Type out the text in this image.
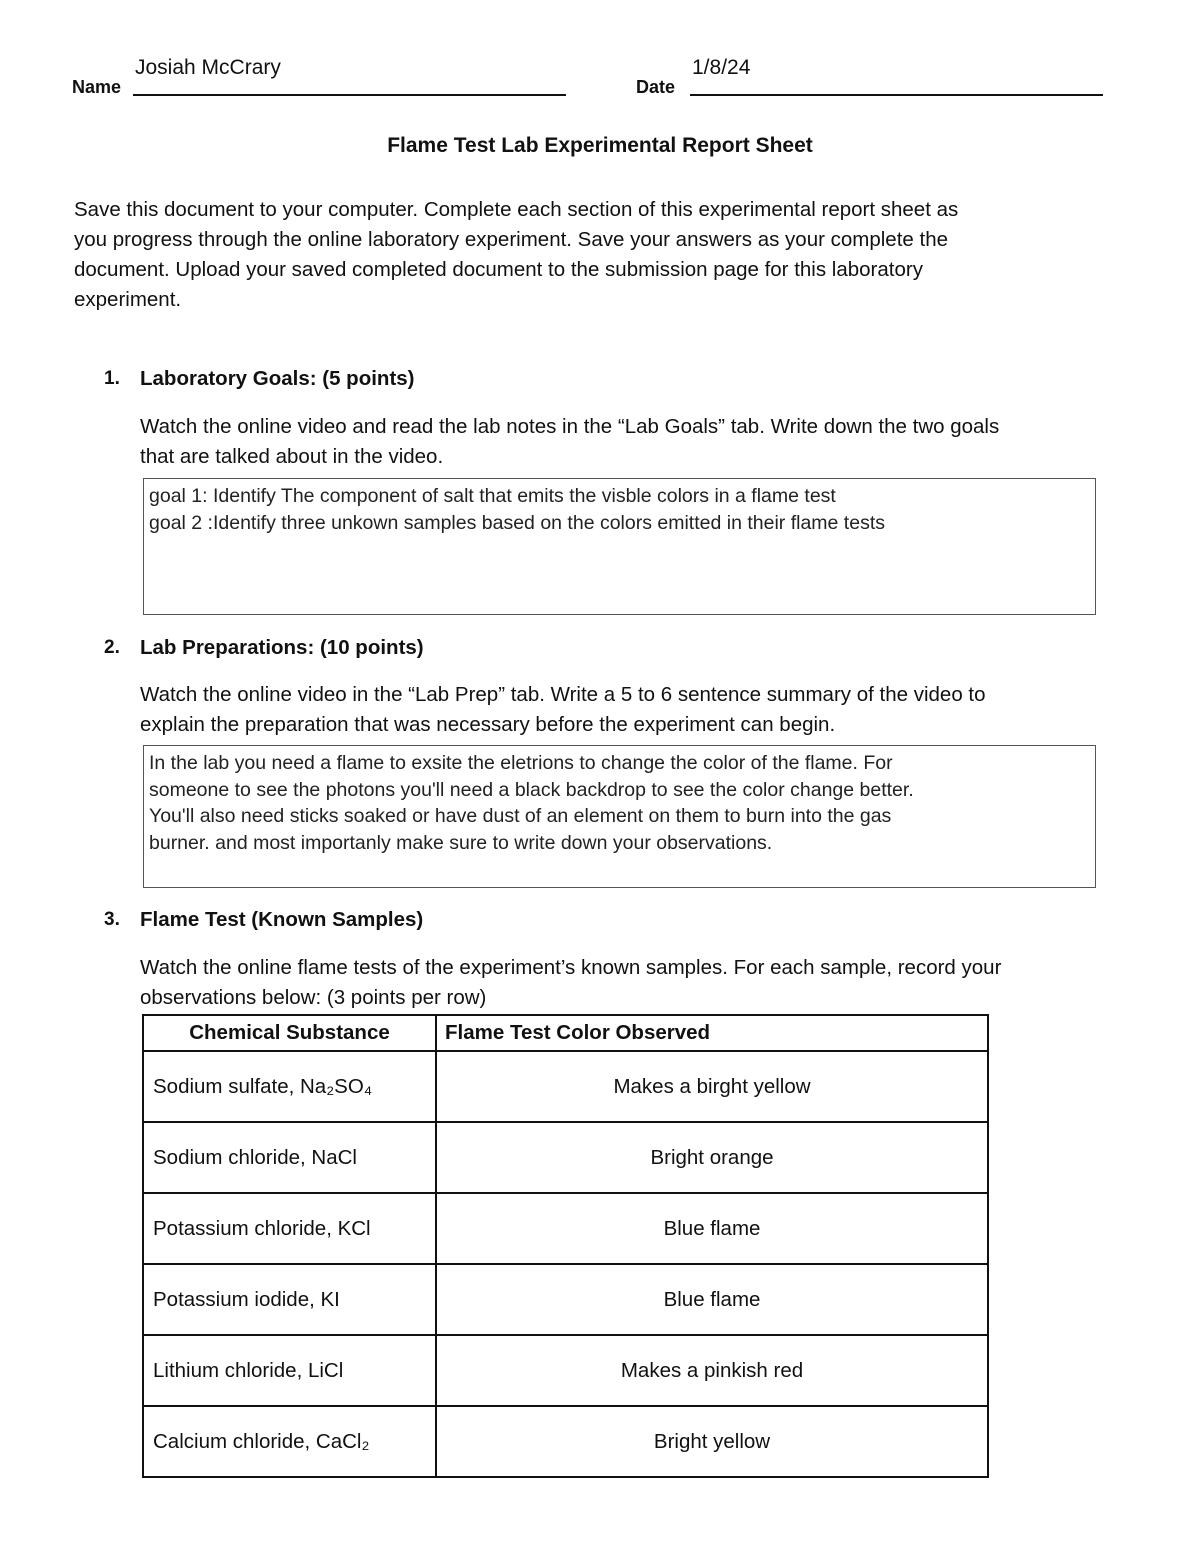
Name
Josiah McCrary
Date
1/8/24
Flame Test Lab Experimental Report Sheet
Save this document to your computer. Complete each section of this experimental report sheet as
you progress through the online laboratory experiment. Save your answers as your complete the
document. Upload your saved completed document to the submission page for this laboratory
experiment.
1. Laboratory Goals: (5 points)
Watch the online video and read the lab notes in the “Lab Goals” tab. Write down the two goals
that are talked about in the video.
goal 1: Identify The component of salt that emits the visble colors in a flame test
goal 2 :Identify three unkown samples based on the colors emitted in their flame tests
2. Lab Preparations: (10 points)
Watch the online video in the “Lab Prep” tab. Write a 5 to 6 sentence summary of the video to
explain the preparation that was necessary before the experiment can begin.
In the lab you need a flame to exsite the eletrions to change the color of the flame. For
someone to see the photons you'll need a black backdrop to see the color change better.
You'll also need sticks soaked or have dust of an element on them to burn into the gas
burner. and most importanly make sure to write down your observations.
3. Flame Test (Known Samples)
Watch the online flame tests of the experiment’s known samples. For each sample, record your
observations below: (3 points per row)
Chemical Substance	Flame Test Color Observed
Sodium sulfate, Na₂SO₄	Makes a birght yellow
Sodium chloride, NaCl	Bright orange
Potassium chloride, KCl	Blue flame
Potassium iodide, KI	Blue flame
Lithium chloride, LiCl	Makes a pinkish red
Calcium chloride, CaCl₂	Bright yellow
